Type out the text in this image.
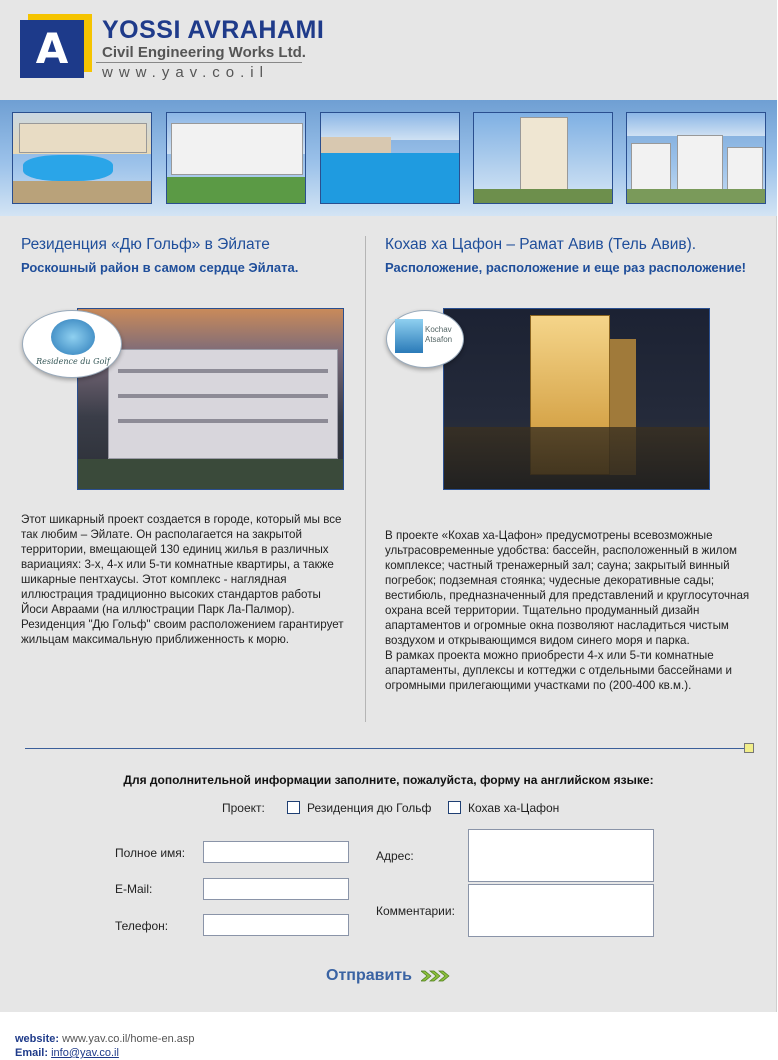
A	YOSSI AVRAHAMI
Civil Engineering Works Ltd.
www.yav.co.il
Резиденция «Дю Гольф» в Эйлате
Роскошный район в самом сердце Эйлата.
Residence du Golf

Этот шикарный проект создается в городе, который мы все так любим – Эйлате. Он располагается на закрытой территории, вмещающей 130 единиц жилья в различных вариациях: 3-х, 4-х или 5-ти комнатные квартиры, а также шикарные пентхаусы. Этот комплекс - наглядная иллюстрация традиционно высоких стандартов работы Йоси Авраами (на иллюстрации Парк Ла-Палмор).

Резиденция "Дю Гольф" своим расположением гарантирует жильцам максимальную приближенность к морю.

Кохав ха Цафон – Рамат Авив (Тель Авив).
Расположение, расположение и еще раз расположение!
Kochav Atsafon

В проекте «Кохав ха-Цафон» предусмотрены всевозможные ультрасовременные удобства: бассейн, расположенный в жилом комплексе; частный тренажерный зал; сауна; закрытый винный погребок; подземная стоянка; чудесные декоративные сады; вестибюль, предназначенный для представлений и круглосуточная охрана всей территории. Тщательно продуманный дизайн апартаментов и огромные окна позволяют насладиться чистым воздухом и открывающимся видом синего моря и парка.

В рамках проекта можно приобрести 4-х или 5-ти комнатные апартаменты, дуплексы и коттеджи с отдельными бассейнами и огромными прилегающими участками по (200-400 кв.м.).

Для дополнительной информации заполните, пожалуйста, форму на английском языке:
Проект:	Резиденция дю Гольф	Кохав ха-Цафон
Полное имя:
E-Mail:
Телефон:
Адрес:
Комментарии:
Отправить
website: www.yav.co.il/home-en.asp
Email: info@yav.co.il
